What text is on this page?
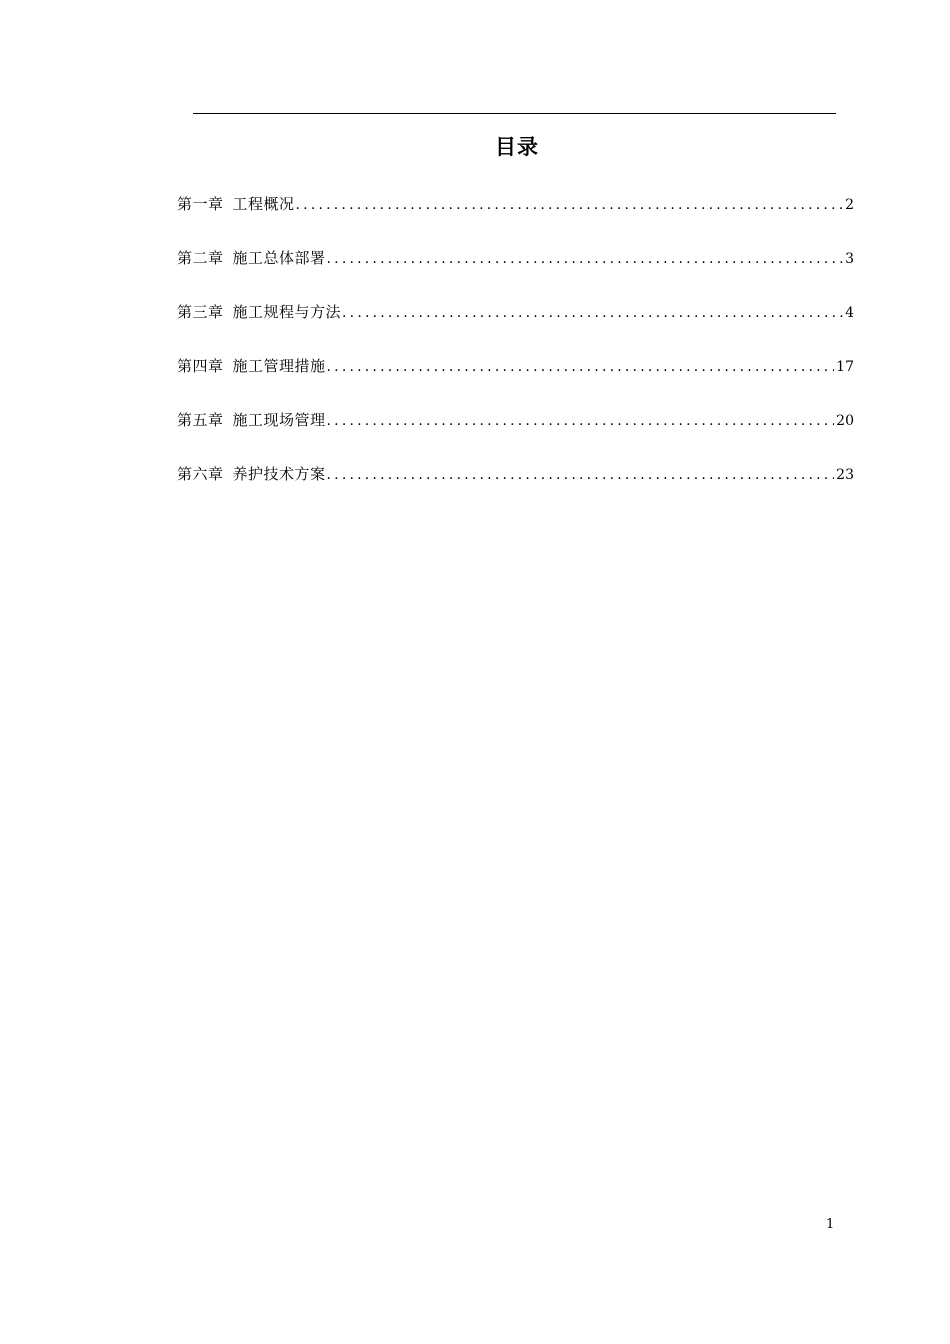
目录
第一章 工程概况 .....	2
第二章 施工总体部署 .....	3
第三章 施工规程与方法 .....	4
第四章 施工管理措施 .....	17
第五章 施工现场管理 .....	20
第六章 养护技术方案 .....	23
1
